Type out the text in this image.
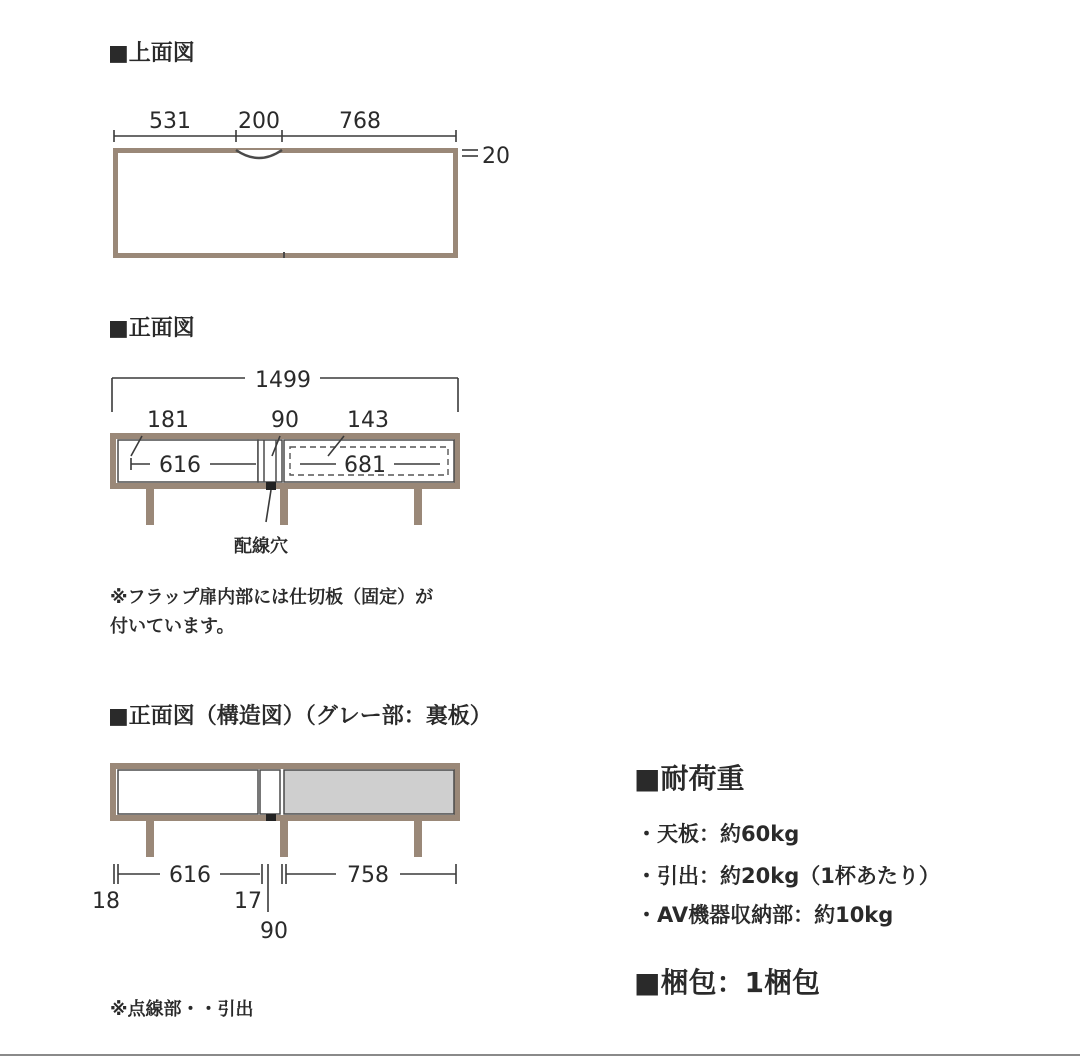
■上面図
531 200	768
20
■正面図
1499
181	90 143
616	681
配線穴
※フラップ扉内部には仕切板（固定）が
付いています。
■正面図（構造図）（グレー部：裏板）
616	758
18	17
90
※点線部・・引出
■耐荷重
・天板：約60kg
・引出：約20kg（1杯あたり）
・AV機器収納部：約10kg
■梱包：1梱包
